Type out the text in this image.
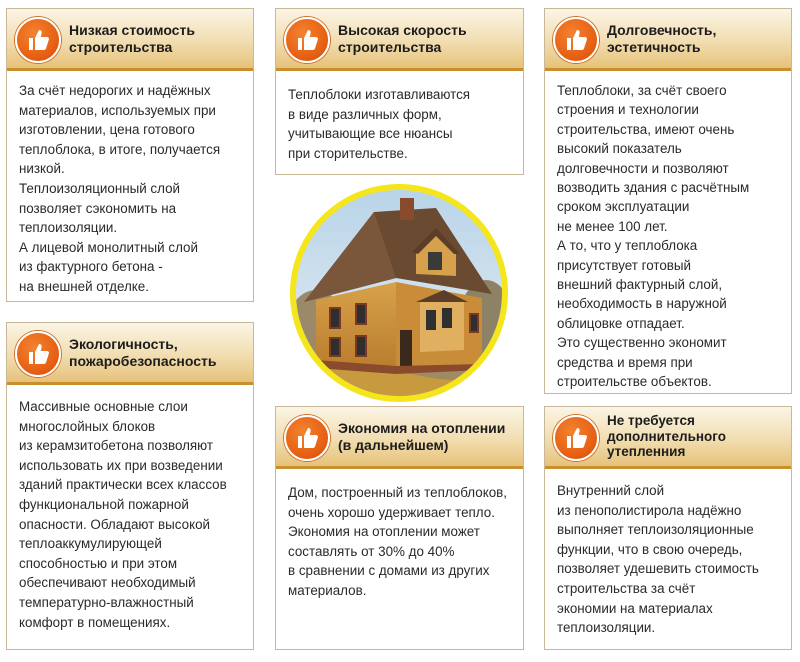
Низкая стоимость
строительства

За счёт недорогих и надёжных

материалов, используемых при

изготовлении, цена готового

теплоблока, в итоге, получается

низкой.

Теплоизоляционный слой

позволяет сэкономить на

теплоизоляции.

А лицевой монолитный слой

из фактурного бетона -

на внешней отделке.

Высокая скорость
строительства

Теплоблоки изготавливаются

в виде различных форм,

учитывающие все нюансы

при сторительстве.

Долговечность,
эстетичность

Теплоблоки, за счёт своего

строения и технологии

строительства, имеют очень

высокий показатель

долговечности и позволяют

возводить здания с расчётным

сроком эксплуатации

не менее 100 лет.

А то, что у теплоблока

присутствует готовый

внешний фактурный слой,

необходимость в наружной

облицовке отпадает.

Это существенно экономит

средства и время при

строительстве объектов.

Экологичность,
пожаробезопасность

Массивные основные слои

многослойных блоков

из керамзитобетона позволяют

использовать их при возведении

зданий практически всех классов

функциональной пожарной

опасности. Обладают высокой

теплоаккумулирующей

способностью и при этом

обеспечивают необходимый

температурно-влажностный

комфорт в помещениях.

Экономия на отоплении
(в дальнейшем)

Дом, построенный из теплоблоков,

очень хорошо удерживает тепло.

Экономия на отоплении может

составлять от 30% до 40%

в сравнении с домами из других

материалов.

Не требуется
дополнительного
утепленния

Внутренний слой

из пенополистирола надёжно

выполняет теплоизоляционные

функции, что в свою очередь,

позволяет удешевить стоимость

строительства за счёт

экономии на материалах

теплоизоляции.
